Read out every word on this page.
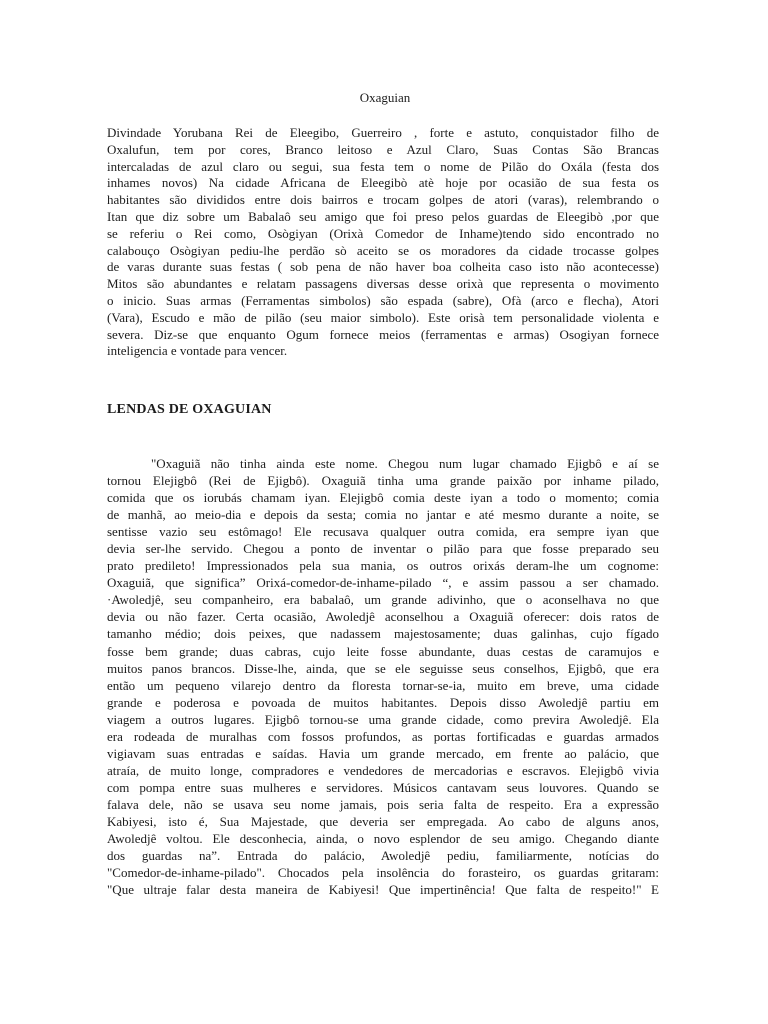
Oxaguian
Divindade Yorubana Rei de Eleegibo, Guerreiro , forte e astuto, conquistador filho de
Oxalufun, tem por cores, Branco leitoso e Azul Claro, Suas Contas São Brancas
intercaladas de azul claro ou segui, sua festa tem o nome de Pilão do Oxála (festa dos
inhames novos) Na cidade Africana de Eleegibò atè hoje por ocasião de sua festa os
habitantes são divididos entre dois bairros e trocam golpes de atori (varas), relembrando o
Itan que diz sobre um Babalaô seu amigo que foi preso pelos guardas de Eleegibò ,por que
se referiu o Rei como, Osògiyan (Orixà Comedor de Inhame)tendo sido encontrado no
calabouço Osògiyan pediu-lhe perdão sò aceito se os moradores da cidade trocasse golpes
de varas durante suas festas ( sob pena de não haver boa colheita caso isto não acontecesse)
Mitos são abundantes e relatam passagens diversas desse orixà que representa o movimento
o inicio. Suas armas (Ferramentas simbolos) são espada (sabre), Ofà (arco e flecha), Atori
(Vara), Escudo e mão de pilão (seu maior simbolo). Este orisà tem personalidade violenta e
severa. Diz-se que enquanto Ogum fornece meios (ferramentas e armas) Osogiyan fornece
inteligencia e vontade para vencer.
LENDAS DE OXAGUIAN
"Oxaguiã não tinha ainda este nome. Chegou num lugar chamado Ejigbô e aí se
tornou Elejigbô (Rei de Ejigbô). Oxaguiã tinha uma grande paixão por inhame pilado,
comida que os iorubás chamam iyan. Elejigbô comia deste iyan a todo o momento; comia
de manhã, ao meio-dia e depois da sesta; comia no jantar e até mesmo durante a noite, se
sentisse vazio seu estômago! Ele recusava qualquer outra comida, era sempre iyan que
devia ser-lhe servido. Chegou a ponto de inventar o pilão para que fosse preparado seu
prato predileto! Impressionados pela sua mania, os outros orixás deram-lhe um cognome:
Oxaguiã, que significa” Orixá-comedor-de-inhame-pilado “, e assim passou a ser chamado.
·Awoledjê, seu companheiro, era babalaô, um grande adivinho, que o aconselhava no que
devia ou não fazer. Certa ocasião, Awoledjê aconselhou a Oxaguiã oferecer: dois ratos de
tamanho médio; dois peixes, que nadassem majestosamente; duas galinhas, cujo fígado
fosse bem grande; duas cabras, cujo leite fosse abundante, duas cestas de caramujos e
muitos panos brancos. Disse-lhe, ainda, que se ele seguisse seus conselhos, Ejigbô, que era
então um pequeno vilarejo dentro da floresta tornar-se-ia, muito em breve, uma cidade
grande e poderosa e povoada de muitos habitantes. Depois disso Awoledjê partiu em
viagem a outros lugares. Ejigbô tornou-se uma grande cidade, como previra Awoledjê. Ela
era rodeada de muralhas com fossos profundos, as portas fortificadas e guardas armados
vigiavam suas entradas e saídas. Havia um grande mercado, em frente ao palácio, que
atraía, de muito longe, compradores e vendedores de mercadorias e escravos. Elejigbô vivia
com pompa entre suas mulheres e servidores. Músicos cantavam seus louvores. Quando se
falava dele, não se usava seu nome jamais, pois seria falta de respeito. Era a expressão
Kabiyesi, isto é, Sua Majestade, que deveria ser empregada. Ao cabo de alguns anos,
Awoledjê voltou. Ele desconhecia, ainda, o novo esplendor de seu amigo. Chegando diante
dos guardas na”. Entrada do palácio, Awoledjê pediu, familiarmente, notícias do
"Comedor-de-inhame-pilado". Chocados pela insolência do forasteiro, os guardas gritaram:
"Que ultraje falar desta maneira de Kabiyesi! Que impertinência! Que falta de respeito!" E
